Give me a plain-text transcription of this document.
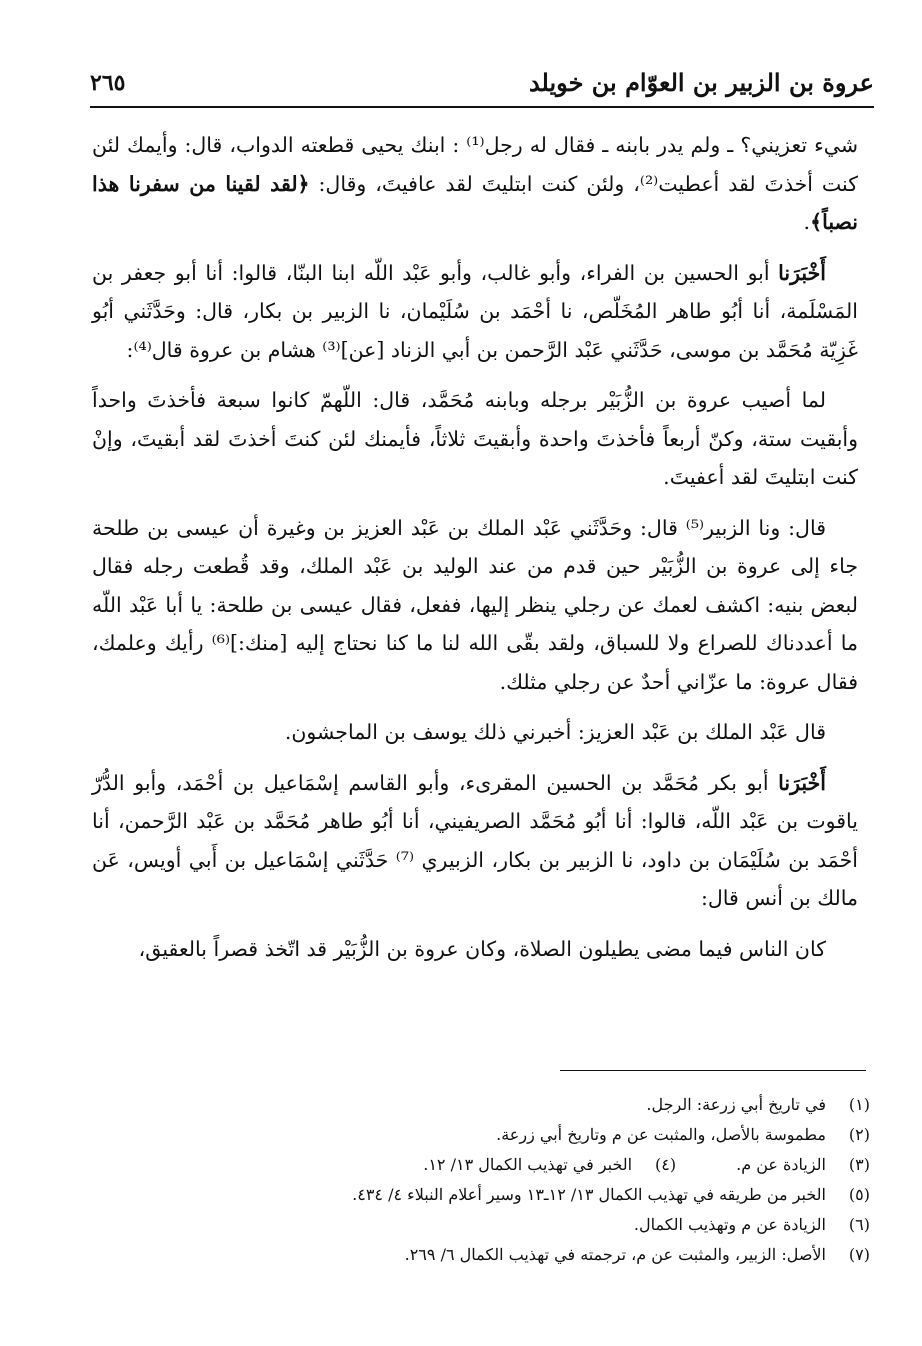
عروة بن الزبير بن العوّام بن خويلد
٢٦٥

شيء تعزيني؟ ـ ولم يدر بابنه ـ فقال له رجل⁽¹⁾ : ابنك يحيى قطعته الدواب، قال: وأيمك لئن كنت أخذتَ لقد أعطيت⁽²⁾، ولئن كنت ابتليتَ لقد عافيتَ، وقال: ﴿لقد لقينا من سفرنا هذا نصباً﴾.

أَخْبَرَنا أبو الحسين بن الفراء، وأبو غالب، وأبو عَبْد اللّه ابنا البنّا، قالوا: أنا أبو جعفر بن المَسْلَمة، أنا أبُو طاهر المُخَلّص، نا أحْمَد بن سُلَيْمان، نا الزبير بن بكار، قال: وحَدَّثَني أبُو غَزِيّة مُحَمَّد بن موسى، حَدَّثَني عَبْد الرَّحمن بن أبي الزناد [عن]⁽³⁾ هشام بن عروة قال⁽⁴⁾:

لما أصيب عروة بن الزُّبَيْر برجله وبابنه مُحَمَّد، قال: اللّهمّ كانوا سبعة فأخذتَ واحداً وأبقيت ستة، وكنّ أربعاً فأخذتَ واحدة وأبقيتَ ثلاثاً، فأيمنك لئن كنتَ أخذتَ لقد أبقيتَ، وإنْ كنت ابتليتَ لقد أعفيتَ.

قال: ونا الزبير⁽⁵⁾ قال: وحَدَّثَني عَبْد الملك بن عَبْد العزيز بن وغيرة أن عيسى بن طلحة جاء إلى عروة بن الزُّبَيْر حين قدم من عند الوليد بن عَبْد الملك، وقد قُطعت رجله فقال لبعض بنيه: اكشف لعمك عن رجلي ينظر إليها، ففعل، فقال عيسى بن طلحة: يا أبا عَبْد اللّه ما أعددناك للصراع ولا للسباق، ولقد بقّى الله لنا ما كنا نحتاج إليه [منك:]⁽⁶⁾ رأيك وعلمك، فقال عروة: ما عزّاني أحدٌ عن رجلي مثلك.

قال عَبْد الملك بن عَبْد العزيز: أخبرني ذلك يوسف بن الماجشون.

أَخْبَرَنا أبو بكر مُحَمَّد بن الحسين المقرىء، وأبو القاسم إسْمَاعيل بن أحْمَد، وأبو الدُّرّ ياقوت بن عَبْد اللّه، قالوا: أنا أبُو مُحَمَّد الصريفيني، أنا أبُو طاهر مُحَمَّد بن عَبْد الرَّحمن، أنا أحْمَد بن سُلَيْمَان بن داود، نا الزبير بن بكار، الزبيري ⁽⁷⁾ حَدَّثَني إسْمَاعيل بن أَبي أويس، عَن مالك بن أنس قال:

كان الناس فيما مضى يطيلون الصلاة، وكان عروة بن الزُّبَيْر قد اتّخذ قصراً بالعقيق،

(١)
في تاريخ أبي زرعة: الرجل.
(٢)
مطموسة بالأصل، والمثبت عن م وتاريخ أبي زرعة.
(٣)
الزيادة عن م.
(٤)
الخبر في تهذيب الكمال ١٣/ ١٢.
(٥)
الخبر من طريقه في تهذيب الكمال ١٣/ ١٢ـ١٣ وسير أعلام النبلاء ٤/ ٤٣٤.
(٦)
الزيادة عن م وتهذيب الكمال.
(٧)
الأصل: الزبير، والمثبت عن م، ترجمته في تهذيب الكمال ٦/ ٢٦٩.
